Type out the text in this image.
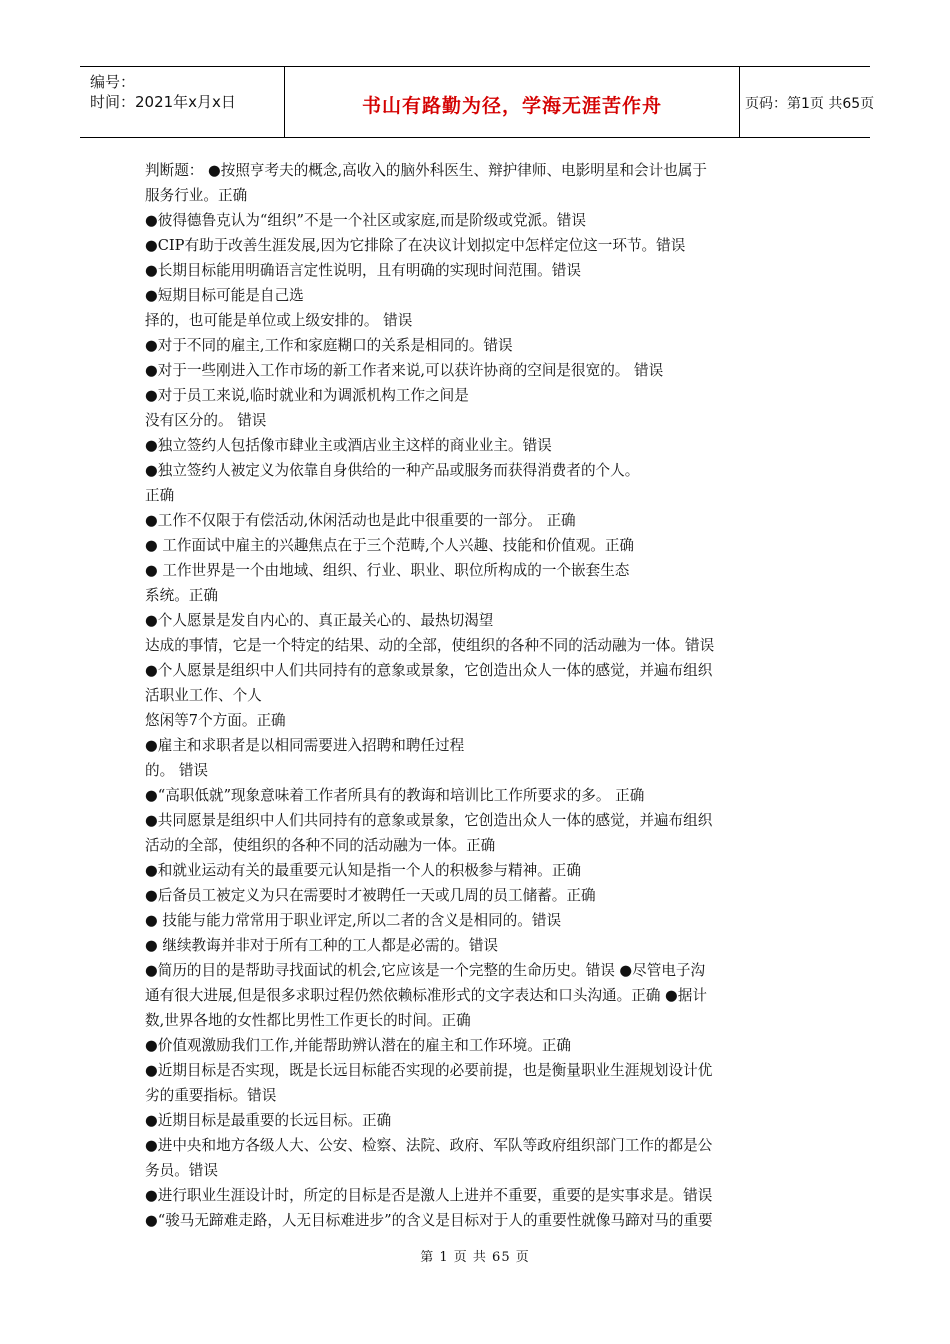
编号：
时间：2021年x月x日	书山有路勤为径，学海无涯苦作舟	页码：第1页 共65页
判断题： ●按照亨考夫的概念,高收入的脑外科医生、辩护律师、电影明星和会计也属于
服务行业。正确
●彼得德鲁克认为“组织”不是一个社区或家庭,而是阶级或党派。错误
●CIP有助于改善生涯发展,因为它排除了在决议计划拟定中怎样定位这一环节。错误
●长期目标能用明确语言定性说明，且有明确的实现时间范围。错误
●短期目标可能是自己选
择的，也可能是单位或上级安排的。 错误
●对于不同的雇主,工作和家庭糊口的关系是相同的。错误
●对于一些刚进入工作市场的新工作者来说,可以获许协商的空间是很宽的。 错误
●对于员工来说,临时就业和为调派机构工作之间是
没有区分的。 错误
●独立签约人包括像市肆业主或酒店业主这样的商业业主。错误
●独立签约人被定义为依靠自身供给的一种产品或服务而获得消费者的个人。
正确
●工作不仅限于有偿活动,休闲活动也是此中很重要的一部分。 正确
● 工作面试中雇主的兴趣焦点在于三个范畴,个人兴趣、技能和价值观。正确
● 工作世界是一个由地域、组织、行业、职业、职位所构成的一个嵌套生态
系统。正确
●个人愿景是发自内心的、真正最关心的、最热切渴望
达成的事情，它是一个特定的结果、动的全部，使组织的各种不同的活动融为一体。错误
●个人愿景是组织中人们共同持有的意象或景象，它创造出众人一体的感觉，并遍布组织
活职业工作、个人
悠闲等7个方面。正确
●雇主和求职者是以相同需要进入招聘和聘任过程
的。 错误
●“高职低就”现象意味着工作者所具有的教诲和培训比工作所要求的多。 正确
●共同愿景是组织中人们共同持有的意象或景象，它创造出众人一体的感觉，并遍布组织
活动的全部，使组织的各种不同的活动融为一体。正确
●和就业运动有关的最重要元认知是指一个人的积极参与精神。正确
●后备员工被定义为只在需要时才被聘任一天或几周的员工储蓄。正确
● 技能与能力常常用于职业评定,所以二者的含义是相同的。错误
● 继续教诲并非对于所有工种的工人都是必需的。错误
●简历的目的是帮助寻找面试的机会,它应该是一个完整的生命历史。错误 ●尽管电子沟
通有很大进展,但是很多求职过程仍然依赖标准形式的文字表达和口头沟通。正确 ●据计
数,世界各地的女性都比男性工作更长的时间。正确
●价值观激励我们工作,并能帮助辨认潜在的雇主和工作环境。正确
●近期目标是否实现，既是长远目标能否实现的必要前提，也是衡量职业生涯规划设计优
劣的重要指标。错误
●近期目标是最重要的长远目标。正确
●进中央和地方各级人大、公安、检察、法院、政府、军队等政府组织部门工作的都是公
务员。错误
●进行职业生涯设计时，所定的目标是否是激人上进并不重要，重要的是实事求是。错误
●“骏马无蹄难走路，人无目标难进步”的含义是目标对于人的重要性就像马蹄对马的重要
第 1 页 共 65 页
